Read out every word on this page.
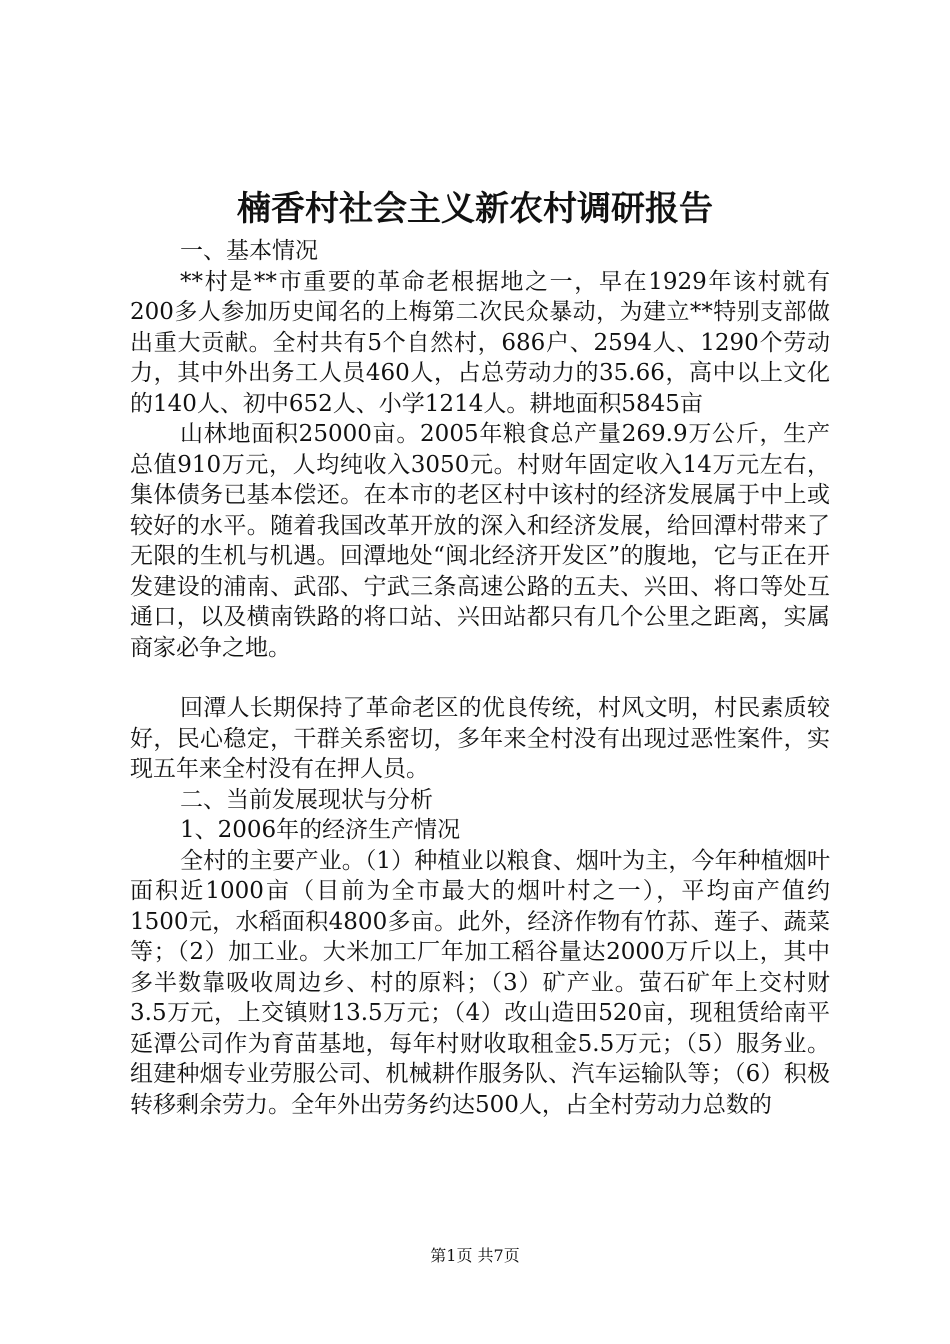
楠香村社会主义新农村调研报告

一、基本情况

**村是**市重要的革命老根据地之一，早在1929年该村就有200多人参加历史闻名的上梅第二次民众暴动，为建立**特别支部做出重大贡献。全村共有5个自然村，686户、2594人、1290个劳动力，其中外出务工人员460人，占总劳动力的35.66，高中以上文化的140人、初中652人、小学1214人。耕地面积5845亩

山林地面积25000亩。2005年粮食总产量269.9万公斤，生产总值910万元，人均纯收入3050元。村财年固定收入14万元左右，集体债务已基本偿还。在本市的老区村中该村的经济发展属于中上或较好的水平。随着我国改革开放的深入和经济发展，给回潭村带来了无限的生机与机遇。回潭地处“闽北经济开发区”的腹地，它与正在开发建设的浦南、武邵、宁武三条高速公路的五夫、兴田、将口等处互通口，以及横南铁路的将口站、兴田站都只有几个公里之距离，实属商家必争之地。

回潭人长期保持了革命老区的优良传统，村风文明，村民素质较好，民心稳定，干群关系密切，多年来全村没有出现过恶性案件，实现五年来全村没有在押人员。

二、当前发展现状与分析

1、2006年的经济生产情况

全村的主要产业。（1）种植业以粮食、烟叶为主，今年种植烟叶面积近1000亩（目前为全市最大的烟叶村之一），平均亩产值约1500元，水稻面积4800多亩。此外，经济作物有竹荪、莲子、蔬菜等；（2）加工业。大米加工厂年加工稻谷量达2000万斤以上，其中多半数靠吸收周边乡、村的原料；（3）矿产业。萤石矿年上交村财3.5万元，上交镇财13.5万元；（4）改山造田520亩，现租赁给南平延潭公司作为育苗基地，每年村财收取租金5.5万元；（5）服务业。组建种烟专业劳服公司、机械耕作服务队、汽车运输队等；（6）积极转移剩余劳力。全年外出劳务约达500人，占全村劳动力总数的

第1页 共7页
